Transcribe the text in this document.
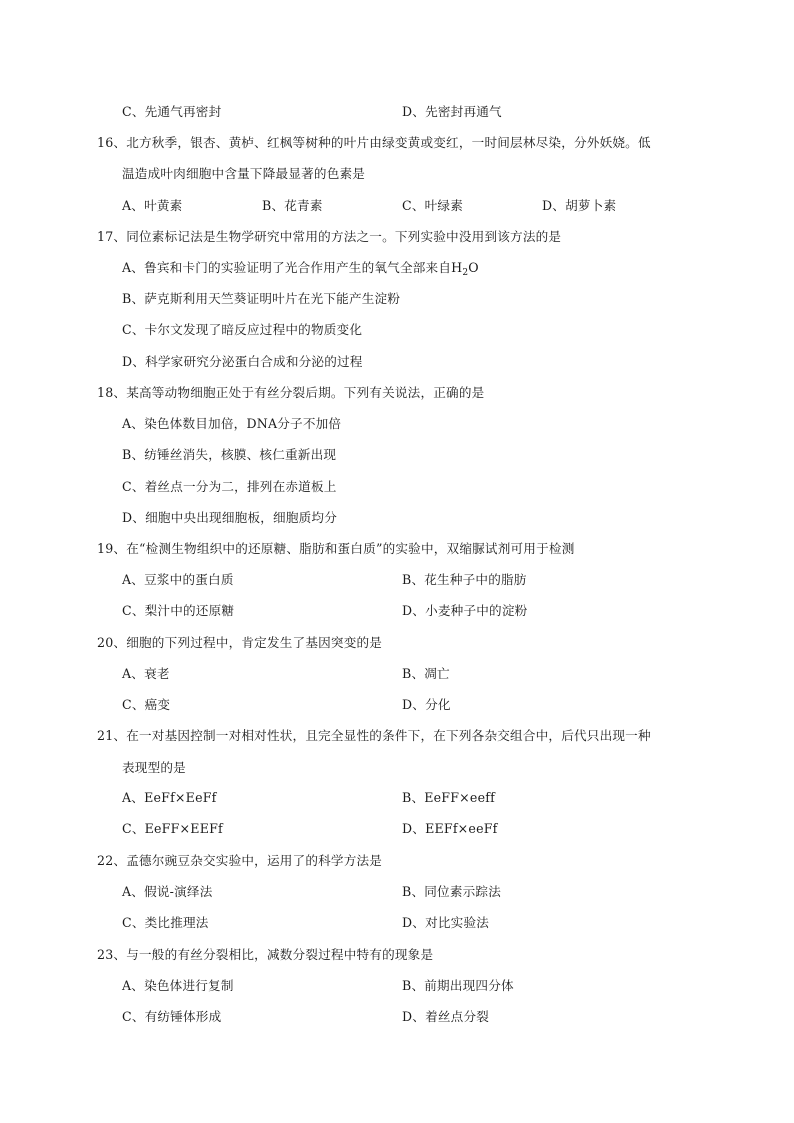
C、先通气再密封	D、先密封再通气
16、北方秋季，银杏、黄栌、红枫等树种的叶片由绿变黄或变红，一时间层林尽染，分外妖娆。低
温造成叶肉细胞中含量下降最显著的色素是
A、叶黄素	B、花青素	C、叶绿素	D、胡萝卜素
17、同位素标记法是生物学研究中常用的方法之一。下列实验中没用到该方法的是
A、鲁宾和卡门的实验证明了光合作用产生的氧气全部来自$H_2O$
B、萨克斯利用天竺葵证明叶片在光下能产生淀粉
C、卡尔文发现了暗反应过程中的物质变化
D、科学家研究分泌蛋白合成和分泌的过程
18、某高等动物细胞正处于有丝分裂后期。下列有关说法，正确的是
A、染色体数目加倍，DNA分子不加倍
B、纺锤丝消失，核膜、核仁重新出现
C、着丝点一分为二，排列在赤道板上
D、细胞中央出现细胞板，细胞质均分
19、在“检测生物组织中的还原糖、脂肪和蛋白质”的实验中，双缩脲试剂可用于检测
A、豆浆中的蛋白质	B、花生种子中的脂肪
C、梨汁中的还原糖	D、小麦种子中的淀粉
20、细胞的下列过程中，肯定发生了基因突变的是
A、衰老	B、凋亡
C、癌变	D、分化
21、在一对基因控制一对相对性状，且完全显性的条件下，在下列各杂交组合中，后代只出现一种
表现型的是
A、EeFf×EeFf	B、EeFF×eeff
C、EeFF×EEFf	D、EEFf×eeFf
22、孟德尔豌豆杂交实验中，运用了的科学方法是
A、假说-演绎法	B、同位素示踪法
C、类比推理法	D、对比实验法
23、与一般的有丝分裂相比，减数分裂过程中特有的现象是
A、染色体进行复制	B、前期出现四分体
C、有纺锤体形成	D、着丝点分裂
